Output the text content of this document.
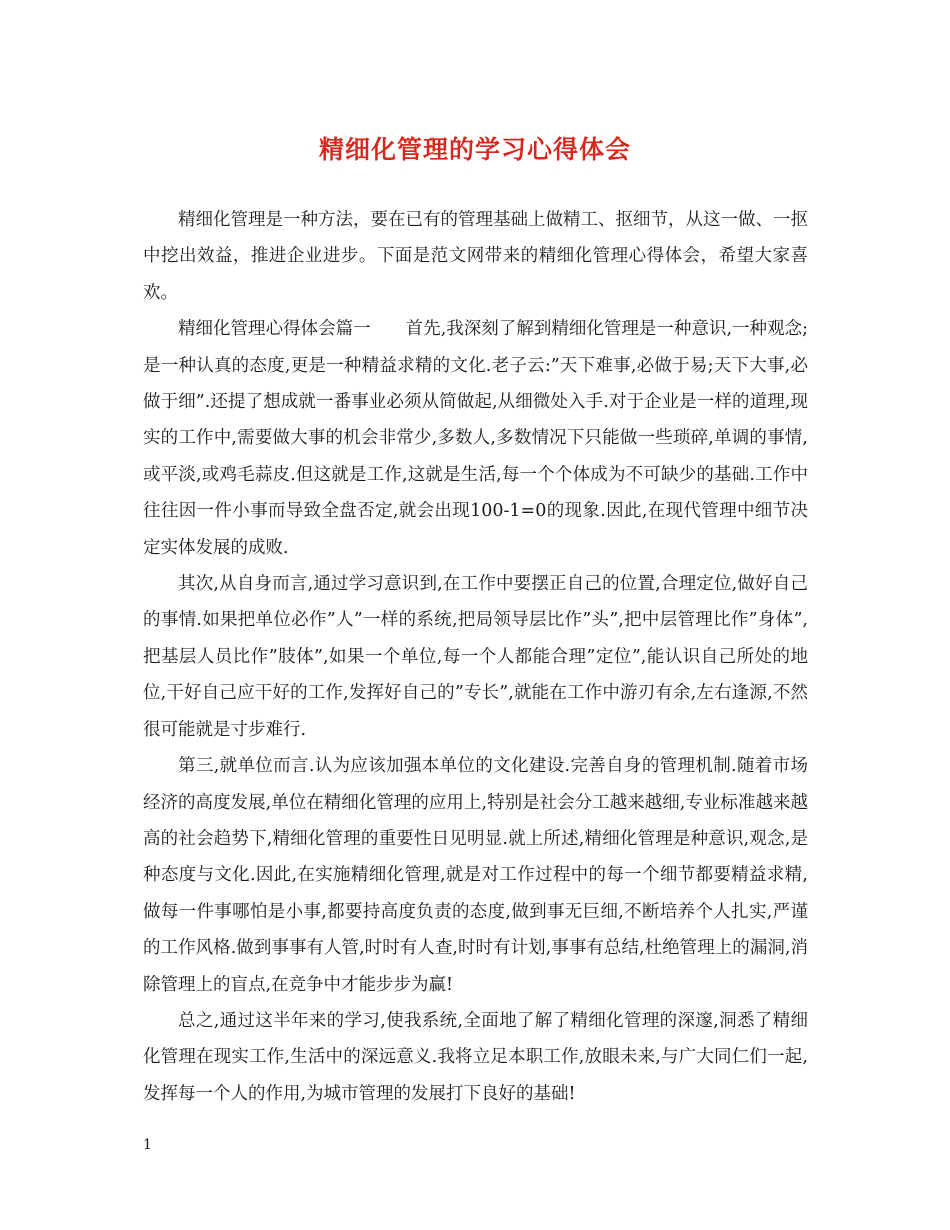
精细化管理的学习心得体会

精细化管理是一种方法，要在已有的管理基础上做精工、抠细节，从这一做、一抠中挖出效益，推进企业进步。下面是范文网带来的精细化管理心得体会，希望大家喜欢。

精细化管理心得体会篇一　　首先,我深刻了解到精细化管理是一种意识,一种观念; 是一种认真的态度,更是一种精益求精的文化.老子云:”天下难事,必做于易;天下大事,必做于细”.还提了想成就一番事业必须从简做起,从细微处入手.对于企业是一样的道理,现实的工作中,需要做大事的机会非常少,多数人,多数情况下只能做一些琐碎,单调的事情,或平淡,或鸡毛蒜皮.但这就是工作,这就是生活,每一个个体成为不可缺少的基础.工作中往往因一件小事而导致全盘否定,就会出现100-1=0的现象.因此,在现代管理中细节决定实体发展的成败.

其次,从自身而言,通过学习意识到,在工作中要摆正自己的位置,合理定位,做好自己的事情.如果把单位必作”人”一样的系统,把局领导层比作”头”,把中层管理比作”身体”,把基层人员比作”肢体”,如果一个单位,每一个人都能合理”定位”,能认识自己所处的地位,干好自己应干好的工作,发挥好自己的”专长”,就能在工作中游刃有余,左右逢源,不然很可能就是寸步难行.

第三,就单位而言.认为应该加强本单位的文化建设.完善自身的管理机制.随着市场经济的高度发展,单位在精细化管理的应用上,特别是社会分工越来越细,专业标准越来越高的社会趋势下,精细化管理的重要性日见明显.就上所述,精细化管理是种意识,观念,是种态度与文化.因此,在实施精细化管理,就是对工作过程中的每一个细节都要精益求精,做每一件事哪怕是小事,都要持高度负责的态度,做到事无巨细,不断培养个人扎实,严谨的工作风格.做到事事有人管,时时有人查,时时有计划,事事有总结,杜绝管理上的漏洞,消除管理上的盲点,在竞争中才能步步为赢!

总之,通过这半年来的学习,使我系统,全面地了解了精细化管理的深邃,洞悉了精细化管理在现实工作,生活中的深远意义.我将立足本职工作,放眼未来,与广大同仁们一起,发挥每一个人的作用,为城市管理的发展打下良好的基础!

1
